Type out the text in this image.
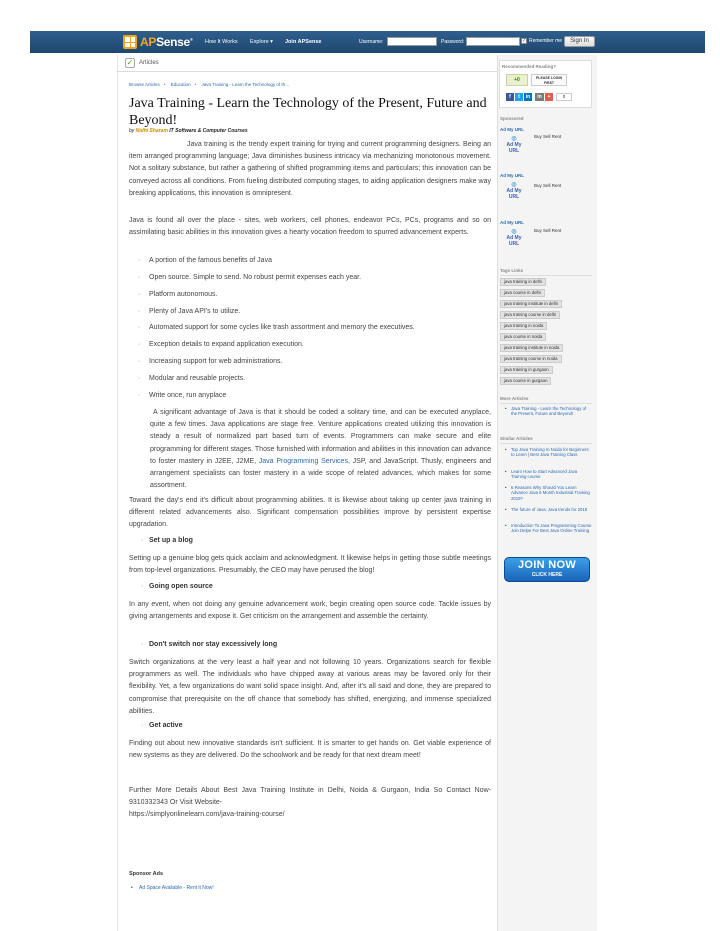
APSense® How It Works Explore ▾ Join APSense	Username:	Password:	✓ Remember me	Sign In
✓ Articles
Browse Articles • Education • Java Training - Learn the Technology of th...
Java Training - Learn the Technology of the Present, Future and Beyond!
by Nidhi Sharam IT Software & Computer Courses
Java training is the trendy expert training for trying and current programming designers. Being an item arranged programming language; Java diminishes business intricacy via mechanizing monotonous movement. Not a solitary substance, but rather a gathering of shifted programming items and particulars; this innovation can be conveyed across all conditions. From fueling distributed computing stages, to aiding application designers make way breaking applications, this innovation is omnipresent.
Java is found all over the place - sites, web workers, cell phones, endeavor PCs, PCs, programs and so on assimilating basic abilities in this innovation gives a hearty vocation freedom to spurred advancement experts.
· A portion of the famous benefits of Java
· Open source. Simple to send. No robust permit expenses each year.
· Platform autonomous.
· Plenty of Java API's to utilize.
· Automated support for some cycles like trash assortment and memory the executives.
· Exception details to expand application execution.
· Increasing support for web administrations.
· Modular and reusable projects.
· Write once, run anyplace
A significant advantage of Java is that it should be coded a solitary time, and can be executed anyplace, quite a few times. Java applications are stage free. Venture applications created utilizing this innovation is steady a result of normalized part based turn of events. Programmers can make secure and elite programming for different stages. Those furnished with information and abilities in this innovation can advance to foster mastery in J2EE, J2ME, Java Programming Services, JSP, and JavaScript. Thusly, engineers and arrangement specialists can foster mastery in a wide scope of related advances, which makes for some assortment.
Toward the day's end it's difficult about programming abilities. It is likewise about taking up center java training in different related advancements also. Significant compensation possibilities improve by persistent expertise upgradation.
· Set up a blog
Setting up a genuine blog gets quick acclaim and acknowledgment. It likewise helps in getting those subtle meetings from top-level organizations. Presumably, the CEO may have perused the blog!
· Going open source
In any event, when not doing any genuine advancement work, begin creating open source code. Tackle issues by giving arrangements and expose it. Get criticism on the arrangement and assemble the certainty.
· Don't switch nor stay excessively long
Switch organizations at the very least a half year and not following 10 years. Organizations search for flexible programmers as well. The individuals who have chipped away at various areas may be favored only for their flexibility. Yet, a few organizations do want solid space insight. And, after it's all said and done, they are prepared to compromise that prerequisite on the off chance that somebody has shifted, energizing, and immense specialized abilities.
· Get active
Finding out about new innovative standards isn't sufficient. It is smarter to get hands on. Get viable experience of new systems as they are delivered. Do the schoolwork and be ready for that next dream meet!
Further More Details About Best Java Training Institute in Delhi, Noida & Gurgaon, India So Contact Now-9310332343 Or Visit Website-
https://simplyonlinelearn.com/java-training-course/
Sponsor Ads
• Ad Space Available - Rent it Now!
Recommended Reading?
+0	PLEASE LOGIN FIRST
f	t	in	in	+	0
Sponsored
Ad My URL
◎
Ad My
URL
Buy Sell Rent
Ad My URL
◎
Ad My
URL
Buy Sell Rent
Ad My URL
◎
Ad My
URL
Buy Sell Rent
Tags Links
java training in delhi
java course in delhi
java training institute in delhi
java training course in delhi
java training in noida
java course in noida
java training institute in noida
java training course in noida
java training in gurgaon
java course in gurgaon
More Articles
• Java Training - Learn the Technology of the Present, Future and Beyond!
Similar Articles
• Top Java Training In Noida for Beginners to Learn | Best Java Training Class
• Learn How to Start Advanced Java Training course
• 6 Reasons Why Should You Learn Advance Java 6 Month Industrial Training 2019?
• The future of Java: Java trends for 2018
• Introduction To Java Programming Course Join Delpe For Best Java Online Training
JOIN NOW
CLICK HERE
